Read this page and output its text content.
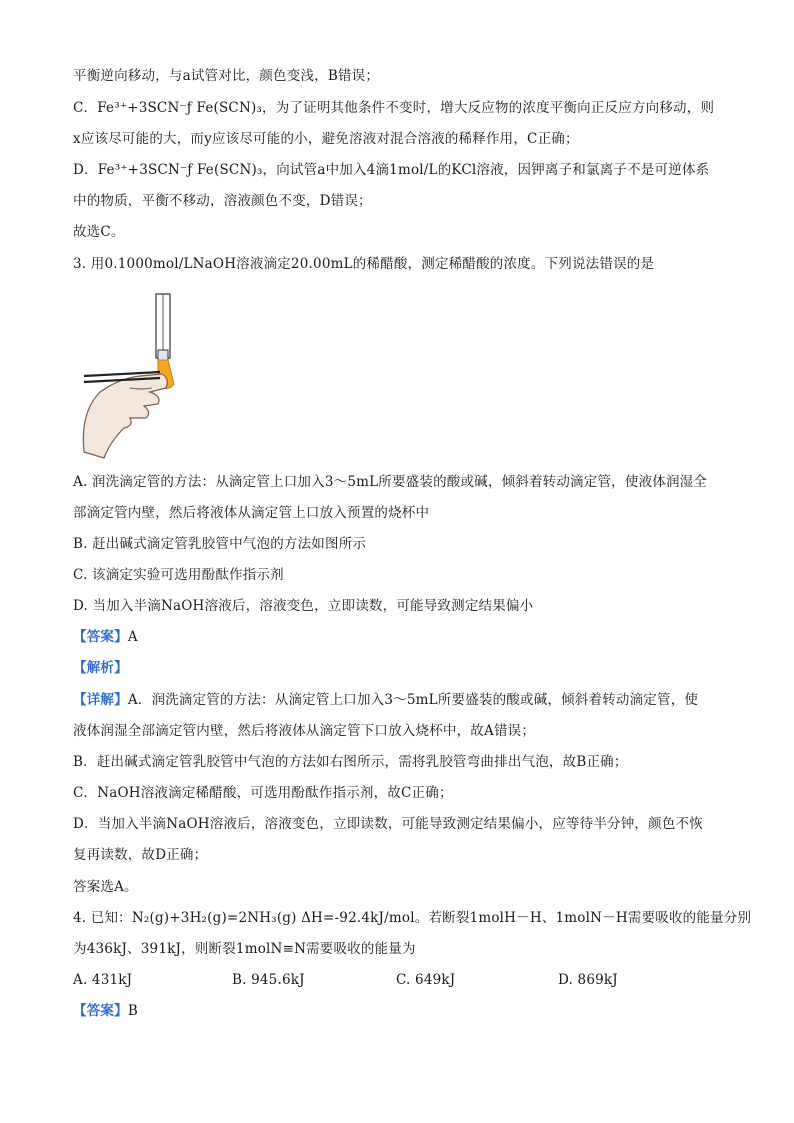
平衡逆向移动，与a试管对比，颜色变浅，B错误；
C．Fe³⁺+3SCN⁻ƒ Fe(SCN)₃，为了证明其他条件不变时，增大反应物的浓度平衡向正反应方向移动，则
x应该尽可能的大，而y应该尽可能的小，避免溶液对混合溶液的稀释作用，C正确；
D．Fe³⁺+3SCN⁻ƒ Fe(SCN)₃，向试管a中加入4滴1mol/L的KCl溶液，因钾离子和氯离子不是可逆体系
中的物质，平衡不移动，溶液颜色不变，D错误；
故选C。
3. 用0.1000mol/LNaOH溶液滴定20.00mL的稀醋酸，测定稀醋酸的浓度。下列说法错误的是
A. 润洗滴定管的方法：从滴定管上口加入3～5mL所要盛装的酸或碱，倾斜着转动滴定管，使液体润湿全
部滴定管内壁，然后将液体从滴定管上口放入预置的烧杯中
B. 赶出碱式滴定管乳胶管中气泡的方法如图所示
C. 该滴定实验可选用酚酞作指示剂
D. 当加入半滴NaOH溶液后，溶液变色，立即读数，可能导致测定结果偏小
【答案】A
【解析】
【详解】A．润洗滴定管的方法：从滴定管上口加入3～5mL所要盛装的酸或碱，倾斜着转动滴定管，使
液体润湿全部滴定管内壁，然后将液体从滴定管下口放入烧杯中，故A错误；
B．赶出碱式滴定管乳胶管中气泡的方法如右图所示，需将乳胶管弯曲排出气泡，故B正确；
C．NaOH溶液滴定稀醋酸，可选用酚酞作指示剂，故C正确；
D．当加入半滴NaOH溶液后，溶液变色，立即读数，可能导致测定结果偏小，应等待半分钟，颜色不恢
复再读数，故D正确；
答案选A。
4. 已知：N₂(g)+3H₂(g)=2NH₃(g) ΔH=-92.4kJ/mol。若断裂1molH－H、1molN－H需要吸收的能量分别
为436kJ、391kJ，则断裂1molN≡N需要吸收的能量为
A. 431kJ	B. 945.6kJ	C. 649kJ	D. 869kJ
【答案】B
